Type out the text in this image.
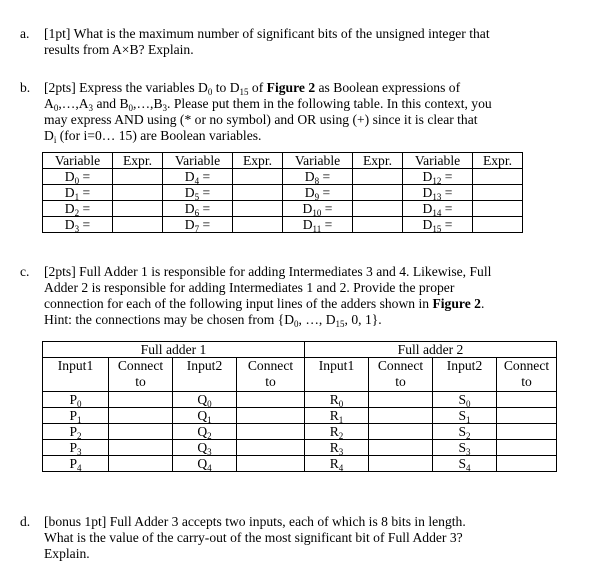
a.	[1pt] What is the maximum number of significant bits of the unsigned integer that

results from A×B? Explain.

b.	[2pts] Express the variables $D_0$ to $D_{15}$ of Figure 2 as Boolean expressions of

$A_0,\dots,A_3$ and $B_0,\dots,B_3$. Please put them in the following table. In this context, you

may express AND using (* or no symbol) and OR using (+) since it is clear that

$D_i$ (for i=0… 15) are Boolean variables.

Variable	Expr.	Variable	Expr.	Variable	Expr.	Variable	Expr.
$D_0$ =		$D_4$ =		$D_8$ =		$D_{12}$ =	
$D_1$ =		$D_5$ =		$D_9$ =		$D_{13}$ =	
$D_2$ =		$D_6$ =		$D_{10}$ =		$D_{14}$ =	
$D_3$ =		$D_7$ =		$D_{11}$ =		$D_{15}$ =	
c.	[2pts] Full Adder 1 is responsible for adding Intermediates 3 and 4. Likewise, Full

Adder 2 is responsible for adding Intermediates 1 and 2. Provide the proper

connection for each of the following input lines of the adders shown in Figure 2.

Hint: the connections may be chosen from {$D_0$, …, $D_{15}$, 0, 1}.

Full adder 1				Full adder 2			
Input1	Connect
to	Input2	Connect
to	Input1	Connect
to	Input2	Connect
to
$P_0$		$Q_0$		$R_0$		$S_0$	
$P_1$		$Q_1$		$R_1$		$S_1$	
$P_2$		$Q_2$		$R_2$		$S_2$	
$P_3$		$Q_3$		$R_3$		$S_3$	
$P_4$		$Q_4$		$R_4$		$S_4$	
d.	[bonus 1pt] Full Adder 3 accepts two inputs, each of which is 8 bits in length.

What is the value of the carry-out of the most significant bit of Full Adder 3?

Explain.
